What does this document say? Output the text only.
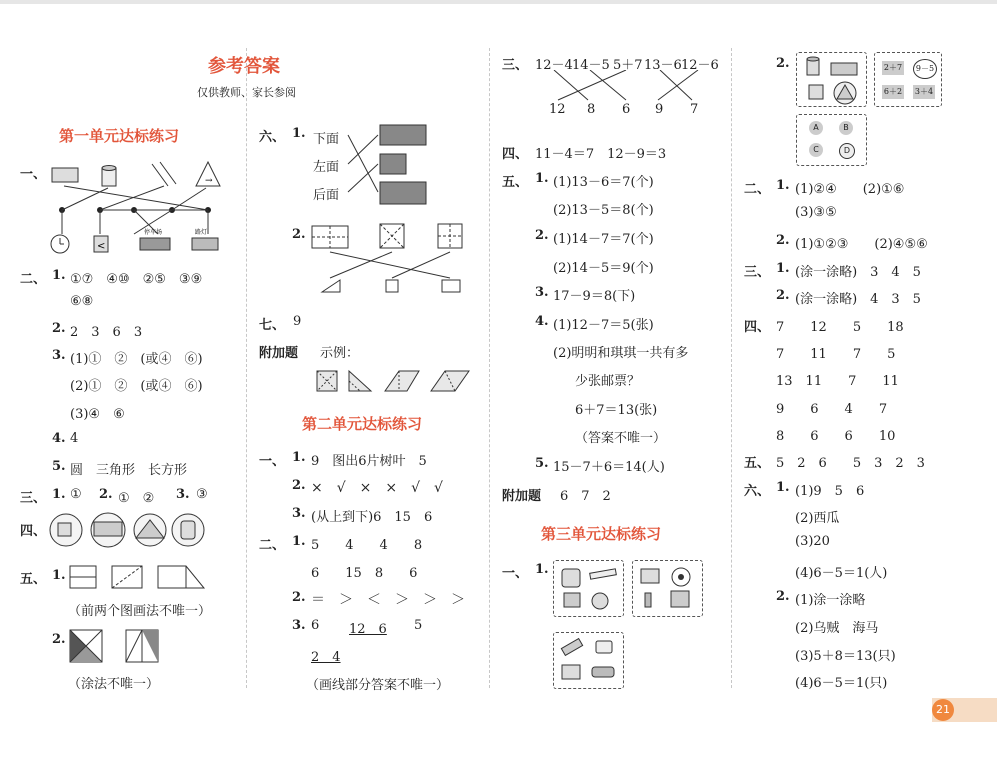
参考答案
仅供教师、家长参阅
第一单元达标练习
一、	→
<
停车场	路灯
二、 1. ①⑦　④⑩　②⑤　③⑨
⑥⑧
2. 2　3　6　3
3. (1)①　②　(或④　⑥)
(2)①　②　(或④　⑥)
(3)④　⑥
4. 4
5. 圆　三角形　长方形
三、 1. ① 2. ①　② 3. ③
四、
五、 1.
（前两个图画法不唯一）
2.
（涂法不唯一）
六、 1. 下面
左面
后面
2.
七、 9
附加题 示例：
第二单元达标练习
一、 1. 9　图出6片树叶　5
2. ×　√　×　×　√　√
3. (从上到下)6　15　6
二、 1. 5　　4　　4　　8
6　　15　8　　6
2. ＝　＞　＜　＞　＞　＞
3. 6 12　6 5
2　4
（画线部分答案不唯一）
三、 12－4 14－5 5＋7 13－6 12－6
12 8 6 9 7
四、 11－4＝7　12－9＝3
五、 1. (1)13－6＝7(个)
(2)13－5＝8(个)
2. (1)14－7＝7(个)
(2)14－5＝9(个)
3. 17－9＝8(下)
4. (1)12－7＝5(张)
(2)明明和琪琪一共有多
少张邮票？
6＋7＝13(张)
（答案不唯一）
5. 15－7＋6＝14(人)
附加题 6　7　2
第三单元达标练习
一、 1.
2.	2＋7	9－5
6＋2 3＋4
A	B
C	D
二、 1. (1)②④　　(2)①⑥
(3)③⑤
2. (1)①②③　　(2)④⑤⑥
三、 1. (涂一涂略)　3　4　5
2. (涂一涂略)　4　3　5
四、 7　　12　　5　　18
7　　11　　7　　5
13　11　　7　　11
9　　6　　4　　7
8　　6　　6　　10
五、 5　2　6　　5　3　2　3
六、 1. (1)9　5　6
(2)西瓜
(3)20
(4)6－5＝1(人)
2. (1)涂一涂略
(2)乌贼　海马
(3)5＋8＝13(只)
(4)6－5＝1(只)
21
